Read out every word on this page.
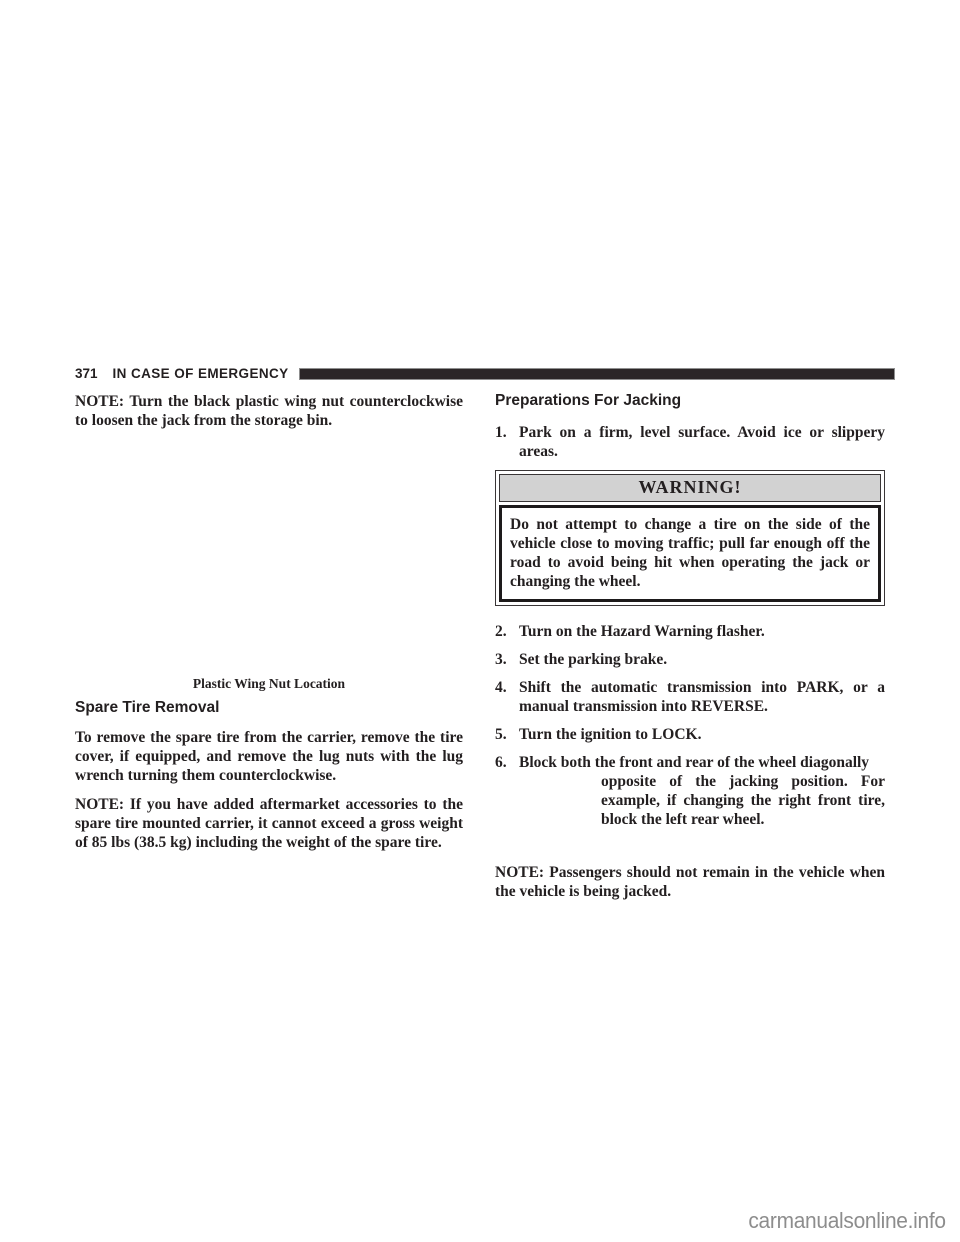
371 IN CASE OF EMERGENCY

NOTE: Turn the black plastic wing nut counterclockwise to loosen the jack from the storage bin.

Plastic Wing Nut Location

Spare Tire Removal

To remove the spare tire from the carrier, remove the tire cover, if equipped, and remove the lug nuts with the lug wrench turning them counterclockwise.

NOTE: If you have added aftermarket accessories to the spare tire mounted carrier, it cannot exceed a gross weight of 85 lbs (38.5 kg) including the weight of the spare tire.

Preparations For Jacking
1. Park on a firm, level surface. Avoid ice or slippery areas.
WARNING!
Do not attempt to change a tire on the side of the vehicle close to moving traffic; pull far enough off the road to avoid being hit when operating the jack or changing the wheel.
2. Turn on the Hazard Warning flasher.
3. Set the parking brake.
4. Shift the automatic transmission into PARK, or a manual transmission into REVERSE.
5. Turn the ignition to LOCK.
6. Block both the front and rear of the wheel diagonally
opposite of the jacking position. For example, if changing the right front tire, block the left rear wheel.

NOTE: Passengers should not remain in the vehicle when the vehicle is being jacked.

carmanualsonline.info
